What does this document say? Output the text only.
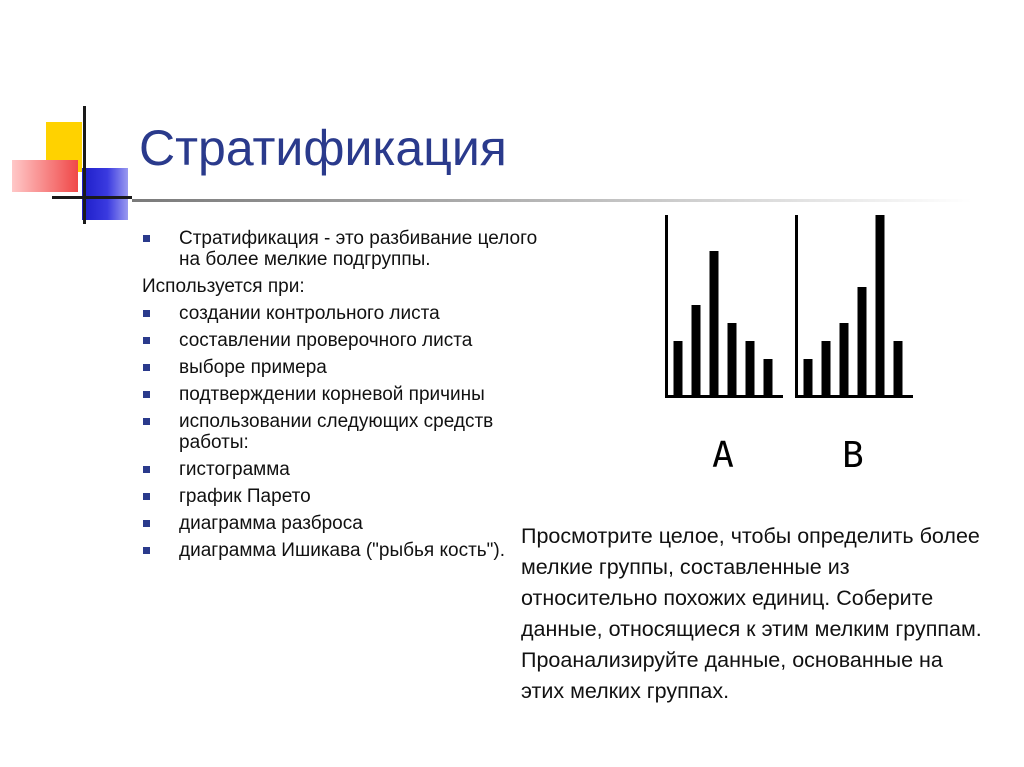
Стратификация
Стратификация - это разбивание целого на более мелкие подгруппы.
Используется при:
создании контрольного листа
составлении проверочного листа
выборе примера
подтверждении корневой причины
использовании следующих средств работы:
гистограмма
график Парето
диаграмма разброса
диаграмма Ишикава ("рыбья кость").
A	B

Просмотрите целое, чтобы определить более мелкие группы, составленные из относительно похожих единиц. Соберите данные, относящиеся к этим мелким группам. Проанализируйте данные, основанные на этих мелких группах.
